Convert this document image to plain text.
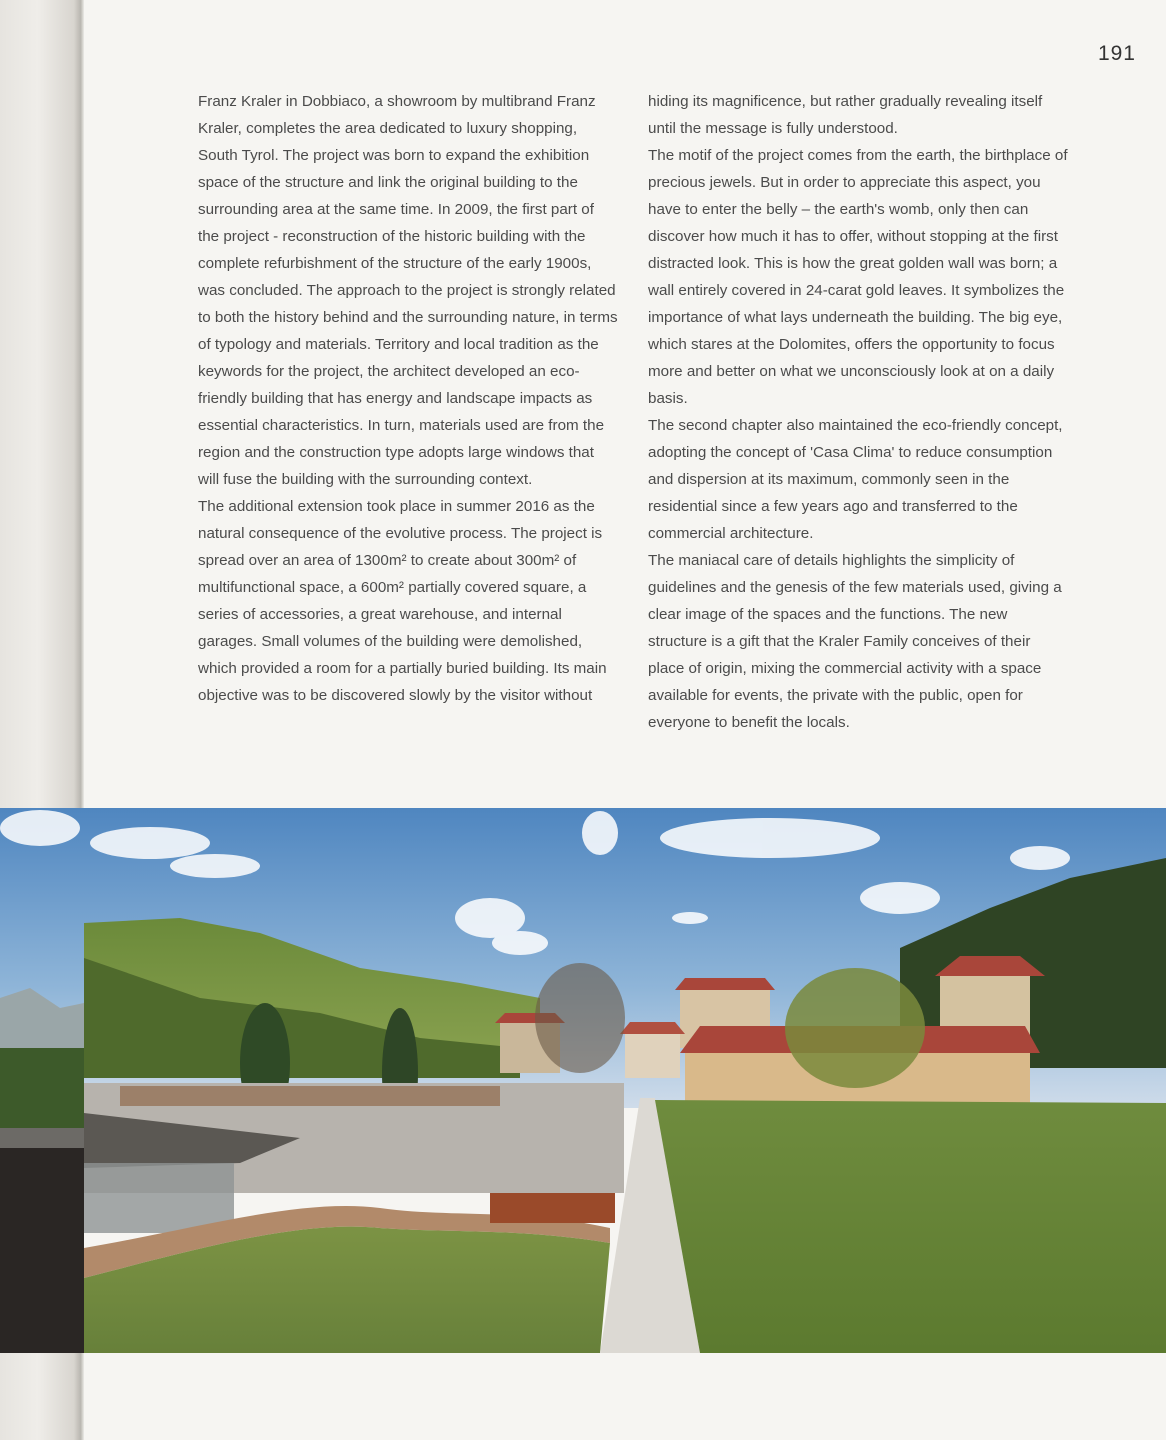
191

Franz Kraler in Dobbiaco, a showroom by multibrand Franz Kraler, completes the area dedicated to luxury shopping, South Tyrol. The project was born to expand the exhibition space of the structure and link the original building to the surrounding area at the same time. In 2009, the first part of the project - reconstruction of the historic building with the complete refurbishment of the structure of the early 1900s, was concluded. The approach to the project is strongly related to both the history behind and the surrounding nature, in terms of typology and materials. Territory and local tradition as the keywords for the project, the architect developed an eco-friendly building that has energy and landscape impacts as essential characteristics. In turn, materials used are from the region and the construction type adopts large windows that will fuse the building with the surrounding context.

The additional extension took place in summer 2016 as the natural consequence of the evolutive process. The project is spread over an area of 1300m² to create about 300m² of multifunctional space, a 600m² partially covered square, a series of accessories, a great warehouse, and internal garages. Small volumes of the building were demolished, which provided a room for a partially buried building. Its main objective was to be discovered slowly by the visitor without

hiding its magnificence, but rather gradually revealing itself until the message is fully understood.

The motif of the project comes from the earth, the birthplace of precious jewels. But in order to appreciate this aspect, you have to enter the belly – the earth's womb, only then can discover how much it has to offer, without stopping at the first distracted look. This is how the great golden wall was born; a wall entirely covered in 24-carat gold leaves. It symbolizes the importance of what lays underneath the building. The big eye, which stares at the Dolomites, offers the opportunity to focus more and better on what we unconsciously look at on a daily basis.

The second chapter also maintained the eco-friendly concept, adopting the concept of 'Casa Clima' to reduce consumption and dispersion at its maximum, commonly seen in the residential since a few years ago and transferred to the commercial architecture.

The maniacal care of details highlights the simplicity of guidelines and the genesis of the few materials used, giving a clear image of the spaces and the functions. The new structure is a gift that the Kraler Family conceives of their place of origin, mixing the commercial activity with a space available for events, the private with the public, open for everyone to benefit the locals.
